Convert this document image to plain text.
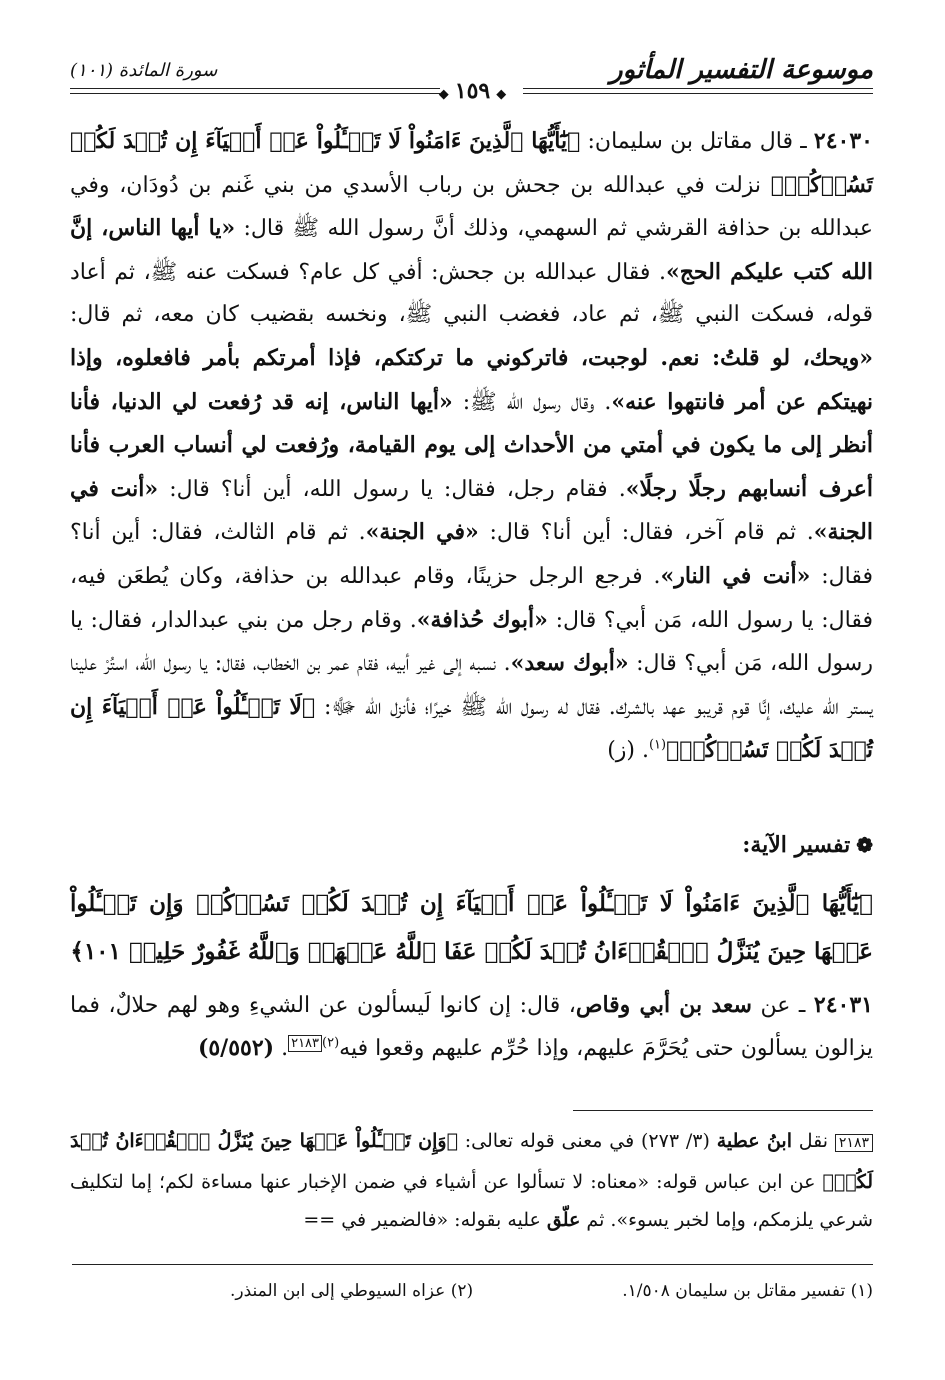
موسوعة التفسير المأثور
سورة المائدة (١٠١)
◆١٥٩◆

٢٤٠٣٠ ـ قال مقاتل بن سليمان: ﴿يَٰٓأَيُّهَا ٱلَّذِينَ ءَامَنُواْ لَا تَسۡـَٔلُواْ عَنۡ أَشۡيَآءَ إِن تُبۡدَ لَكُمۡ تَسُؤۡكُمۡ﴾ نزلت في عبدالله بن جحش بن رباب الأسدي من بني غَنم بن دُودَان، وفي عبدالله بن حذافة القرشي ثم السهمي، وذلك أنَّ رسول الله ﷺ قال: «يا أيها الناس، إنَّ الله كتب عليكم الحج». فقال عبدالله بن جحش: أفي كل عام؟ فسكت عنه ﷺ، ثم أعاد قوله، فسكت النبي ﷺ، ثم عاد، فغضب النبي ﷺ، ونخسه بقضيب كان معه، ثم قال: «ويحك، لو قلتُ: نعم. لوجبت، فاتركوني ما تركتكم، فإذا أمرتكم بأمر فافعلوه، وإذا نهيتكم عن أمر فانتهوا عنه». وقال رسول الله ﷺ: «أيها الناس، إنه قد رُفعت لي الدنيا، فأنا أنظر إلى ما يكون في أمتي من الأحداث إلى يوم القيامة، ورُفعت لي أنساب العرب فأنا أعرف أنسابهم رجلًا رجلًا». فقام رجل، فقال: يا رسول الله، أين أنا؟ قال: «أنت في الجنة». ثم قام آخر، فقال: أين أنا؟ قال: «في الجنة». ثم قام الثالث، فقال: أين أنا؟ فقال: «أنت في النار». فرجع الرجل حزينًا، وقام عبدالله بن حذافة، وكان يُطعَن فيه، فقال: يا رسول الله، مَن أبي؟ قال: «أبوك حُذافة». وقام رجل من بني عبدالدار، فقال: يا رسول الله، مَن أبي؟ قال: «أبوك سعد». نسبه إلى غير أبيه، فقام عمر بن الخطاب، فقال: يا رسول الله، استُرْ علينا يستر الله عليك، إنَّا قوم قريبو عهد بالشرك. فقال له رسول الله ﷺ خيرًا؛ فأنزل الله ﷻ: ﴿لَا تَسۡـَٔلُواْ عَنۡ أَشۡيَآءَ إِن تُبۡدَ لَكُمۡ تَسُؤۡكُمۡ﴾$^{(١)}$. (ز)

❁تفسير الآية:
﴿يَٰٓأَيُّهَا ٱلَّذِينَ ءَامَنُواْ لَا تَسۡـَٔلُواْ عَنۡ أَشۡيَآءَ إِن تُبۡدَ لَكُمۡ تَسُؤۡكُمۡ وَإِن تَسۡـَٔلُواْ عَنۡهَا حِينَ يُنَزَّلُ ٱلۡقُرۡءَانُ تُبۡدَ لَكُمۡ عَفَا ٱللَّهُ عَنۡهَاۗ وَٱللَّهُ غَفُورٌ حَلِيمٞ ١٠١﴾
٢٤٠٣١ ـ عن سعد بن أبي وقاص، قال: إن كانوا لَيسألون عن الشيءِ وهو لهم حلالٌ، فما يزالون يسألون حتى يُحَرَّمَ عليهم، وإذا حُرِّم عليهم وقعوا فيه$^{(٢)٢١٨٣}$. (٥/٥٥٢)
٢١٨٣ نقل ابنُ عطية (٣/ ٢٧٣) في معنى قوله تعالى: ﴿وَإِن تَسۡـَٔلُواْ عَنۡهَا حِينَ يُنَزَّلُ ٱلۡقُرۡءَانُ تُبۡدَ لَكُمۡ﴾ عن ابن عباس قوله: «معناه: لا تسألوا عن أشياء في ضمن الإخبار عنها مساءة لكم؛ إما لتكليف شرعي يلزمكم، وإما لخبر يسوء». ثم علّق عليه بقوله: «فالضمير في ==
(١) تفسير مقاتل بن سليمان ١/٥٠٨.
(٢) عزاه السيوطي إلى ابن المنذر.
